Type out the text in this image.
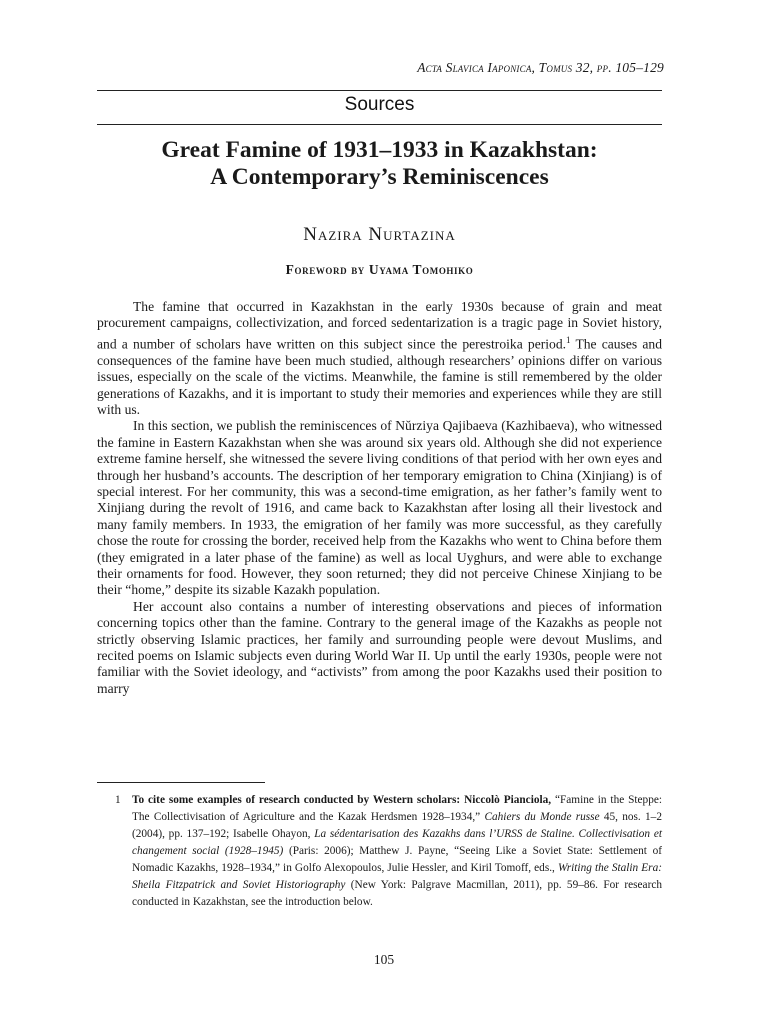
Acta Slavica Iaponica, Tomus 32, pp. 105–129
Sources
Great Famine of 1931–1933 in Kazakhstan:
A Contemporary’s Reminiscences
Nazira Nurtazina
Foreword by Uyama Tomohiko

The famine that occurred in Kazakhstan in the early 1930s because of grain and meat procurement campaigns, collectivization, and forced sedentarization is a tragic page in Soviet history, and a number of scholars have written on this subject since the perestroika period.$^1$ The causes and consequences of the famine have been much studied, although researchers’ opinions differ on various issues, especially on the scale of the victims. Meanwhile, the famine is still remembered by the older generations of Kazakhs, and it is important to study their memories and experiences while they are still with us.

In this section, we publish the reminiscences of Nŭrziya Qajibaeva (Kazhibaeva), who witnessed the famine in Eastern Kazakhstan when she was around six years old. Although she did not experience extreme famine herself, she witnessed the severe living conditions of that period with her own eyes and through her husband’s accounts. The description of her temporary emigration to China (Xinjiang) is of special interest. For her community, this was a second-time emigration, as her father’s family went to Xinjiang during the revolt of 1916, and came back to Kazakhstan after losing all their livestock and many family members. In 1933, the emigration of her family was more successful, as they carefully chose the route for crossing the border, received help from the Kazakhs who went to China before them (they emigrated in a later phase of the famine) as well as local Uyghurs, and were able to exchange their ornaments for food. However, they soon returned; they did not perceive Chinese Xinjiang to be their “home,” despite its sizable Kazakh population.

Her account also contains a number of interesting observations and pieces of information concerning topics other than the famine. Contrary to the general image of the Kazakhs as people not strictly observing Islamic practices, her family and surrounding people were devout Muslims, and recited poems on Islamic subjects even during World War II. Up until the early 1930s, people were not familiar with the Soviet ideology, and “activists” from among the poor Kazakhs used their position to marry

1 To cite some examples of research conducted by Western scholars: Niccolò Pianciola, “Famine in the Steppe: The Collectivisation of Agriculture and the Kazak Herdsmen 1928–1934,” Cahiers du Monde russe 45, nos. 1–2 (2004), pp. 137–192; Isabelle Ohayon, La sédentarisation des Kazakhs dans l’URSS de Staline. Collectivisation et changement social (1928–1945) (Paris: 2006); Matthew J. Payne, “Seeing Like a Soviet State: Settlement of Nomadic Kazakhs, 1928–1934,” in Golfo Alexopoulos, Julie Hessler, and Kiril Tomoff, eds., Writing the Stalin Era: Sheila Fitzpatrick and Soviet Historiography (New York: Palgrave Macmillan, 2011), pp. 59–86. For research conducted in Kazakhstan, see the introduction below.
105
